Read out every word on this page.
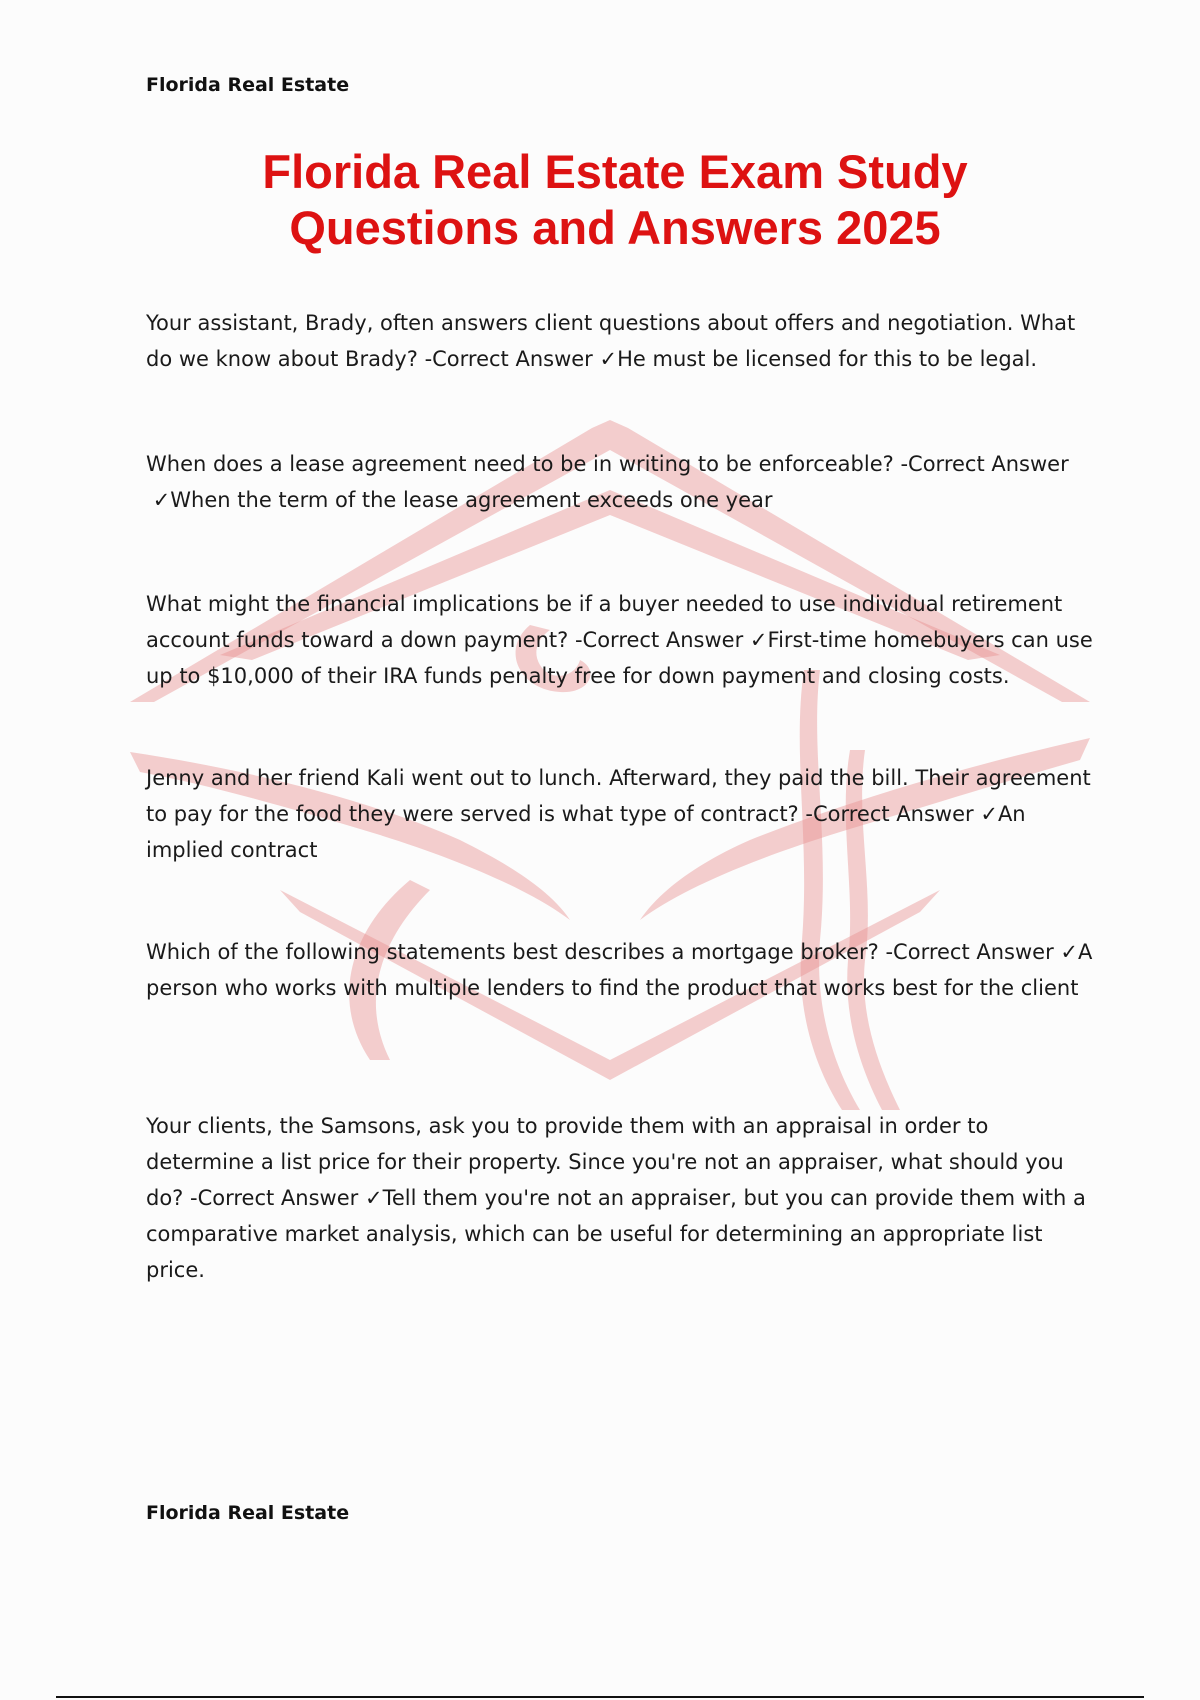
Florida Real Estate
Florida Real Estate Exam Study
Questions and Answers 2025

Your assistant, Brady, often answers client questions about offers and negotiation. What do we know about Brady? -Correct Answer ✓He must be licensed for this to be legal.

When does a lease agreement need to be in writing to be enforceable? -Correct Answer ✓When the term of the lease agreement exceeds one year

What might the financial implications be if a buyer needed to use individual retirement account funds toward a down payment? -Correct Answer ✓First-time homebuyers can use up to $10,000 of their IRA funds penalty free for down payment and closing costs.

Jenny and her friend Kali went out to lunch. Afterward, they paid the bill. Their agreement to pay for the food they were served is what type of contract? -Correct Answer ✓An implied contract

Which of the following statements best describes a mortgage broker? -Correct Answer ✓A person who works with multiple lenders to find the product that works best for the client

Your clients, the Samsons, ask you to provide them with an appraisal in order to determine a list price for their property. Since you're not an appraiser, what should you do? -Correct Answer ✓Tell them you're not an appraiser, but you can provide them with a comparative market analysis, which can be useful for determining an appropriate list price.

Florida Real Estate
